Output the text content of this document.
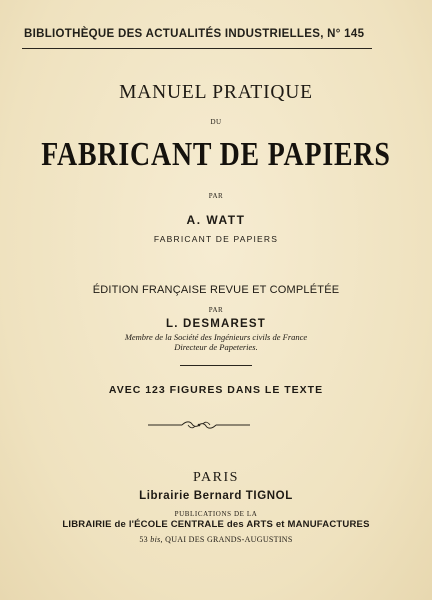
BIBLIOTHÈQUE DES ACTUALITÉS INDUSTRIELLES, N° 145
MANUEL PRATIQUE
DU
FABRICANT DE PAPIERS
PAR
A. WATT
FABRICANT DE PAPIERS
ÉDITION FRANÇAISE REVUE ET COMPLÉTÉE
PAR
L. DESMAREST
Membre de la Société des Ingénieurs civils de France
Directeur de Papeteries.
AVEC 123 FIGURES DANS LE TEXTE
PARIS
Librairie Bernard TIGNOL
PUBLICATIONS DE LA
LIBRAIRIE de l'ÉCOLE CENTRALE des ARTS et MANUFACTURES
53 bis, QUAI DES GRANDS-AUGUSTINS
